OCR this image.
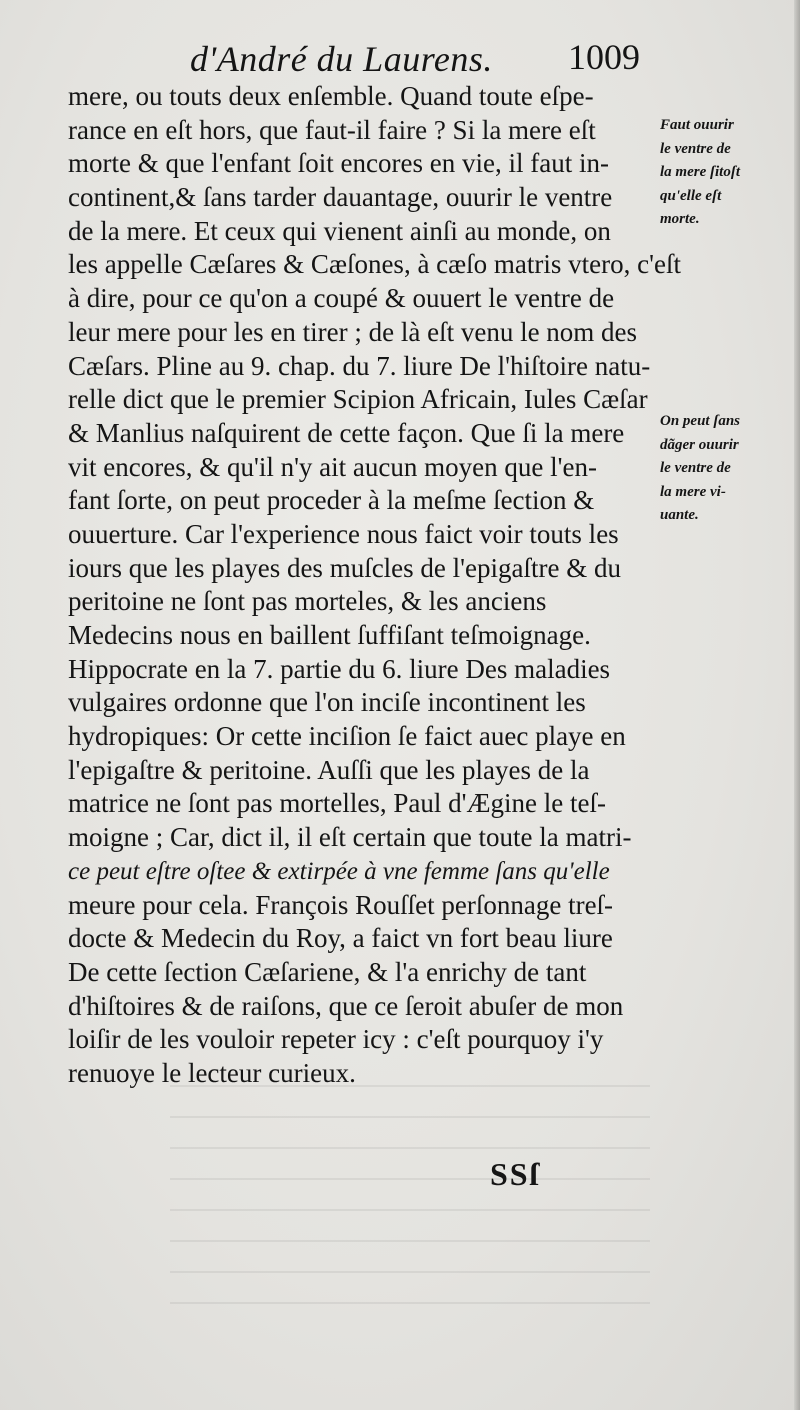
d'André du Laurens. 1009
mere, ou touts deux enſemble. Quand toute eſpe-
rance en eſt hors, que faut-il faire ? Si la mere eſt
morte & que l'enfant ſoit encores en vie, il faut in-
continent,& ſans tarder dauantage, ouurir le ventre
de la mere. Et ceux qui vienent ainſi au monde, on
les appelle Cæſares & Cæſones, à cæſo matris vtero, c'eſt
à dire, pour ce qu'on a coupé & ouuert le ventre de
leur mere pour les en tirer ; de là eſt venu le nom des
Cæſars. Pline au 9. chap. du 7. liure De l'hiſtoire natu-
relle dict que le premier Scipion Africain, Iules Cæſar
& Manlius naſquirent de cette façon. Que ſi la mere
vit encores, & qu'il n'y ait aucun moyen que l'en-
fant ſorte, on peut proceder à la meſme ſection &
ouuerture. Car l'experience nous faict voir touts les
iours que les playes des muſcles de l'epigaſtre & du
peritoine ne ſont pas morteles, & les anciens
Medecins nous en baillent ſuffiſant teſmoignage.
Hippocrate en la 7. partie du 6. liure Des maladies
vulgaires ordonne que l'on inciſe incontinent les
hydropiques: Or cette inciſion ſe faict auec playe en
l'epigaſtre & peritoine. Auſſi que les playes de la
matrice ne ſont pas mortelles, Paul d'Ægine le teſ-
moigne ; Car, dict il, il eſt certain que toute la matri-
ce peut eſtre oſtee & extirpée à vne femme ſans qu'elle
meure pour cela. François Rouſſet perſonnage treſ-
docte & Medecin du Roy, a faict vn fort beau liure
De cette ſection Cæſariene, & l'a enrichy de tant
d'hiſtoires & de raiſons, que ce ſeroit abuſer de mon
loiſir de les vouloir repeter icy : c'eſt pourquoy i'y
renuoye le lecteur curieux.
Faut ouurir
le ventre de
la mere ſitoſt
qu'elle eſt
morte.
On peut ſans
dãger ouurir
le ventre de
la mere vi-
uante.
SSſ
